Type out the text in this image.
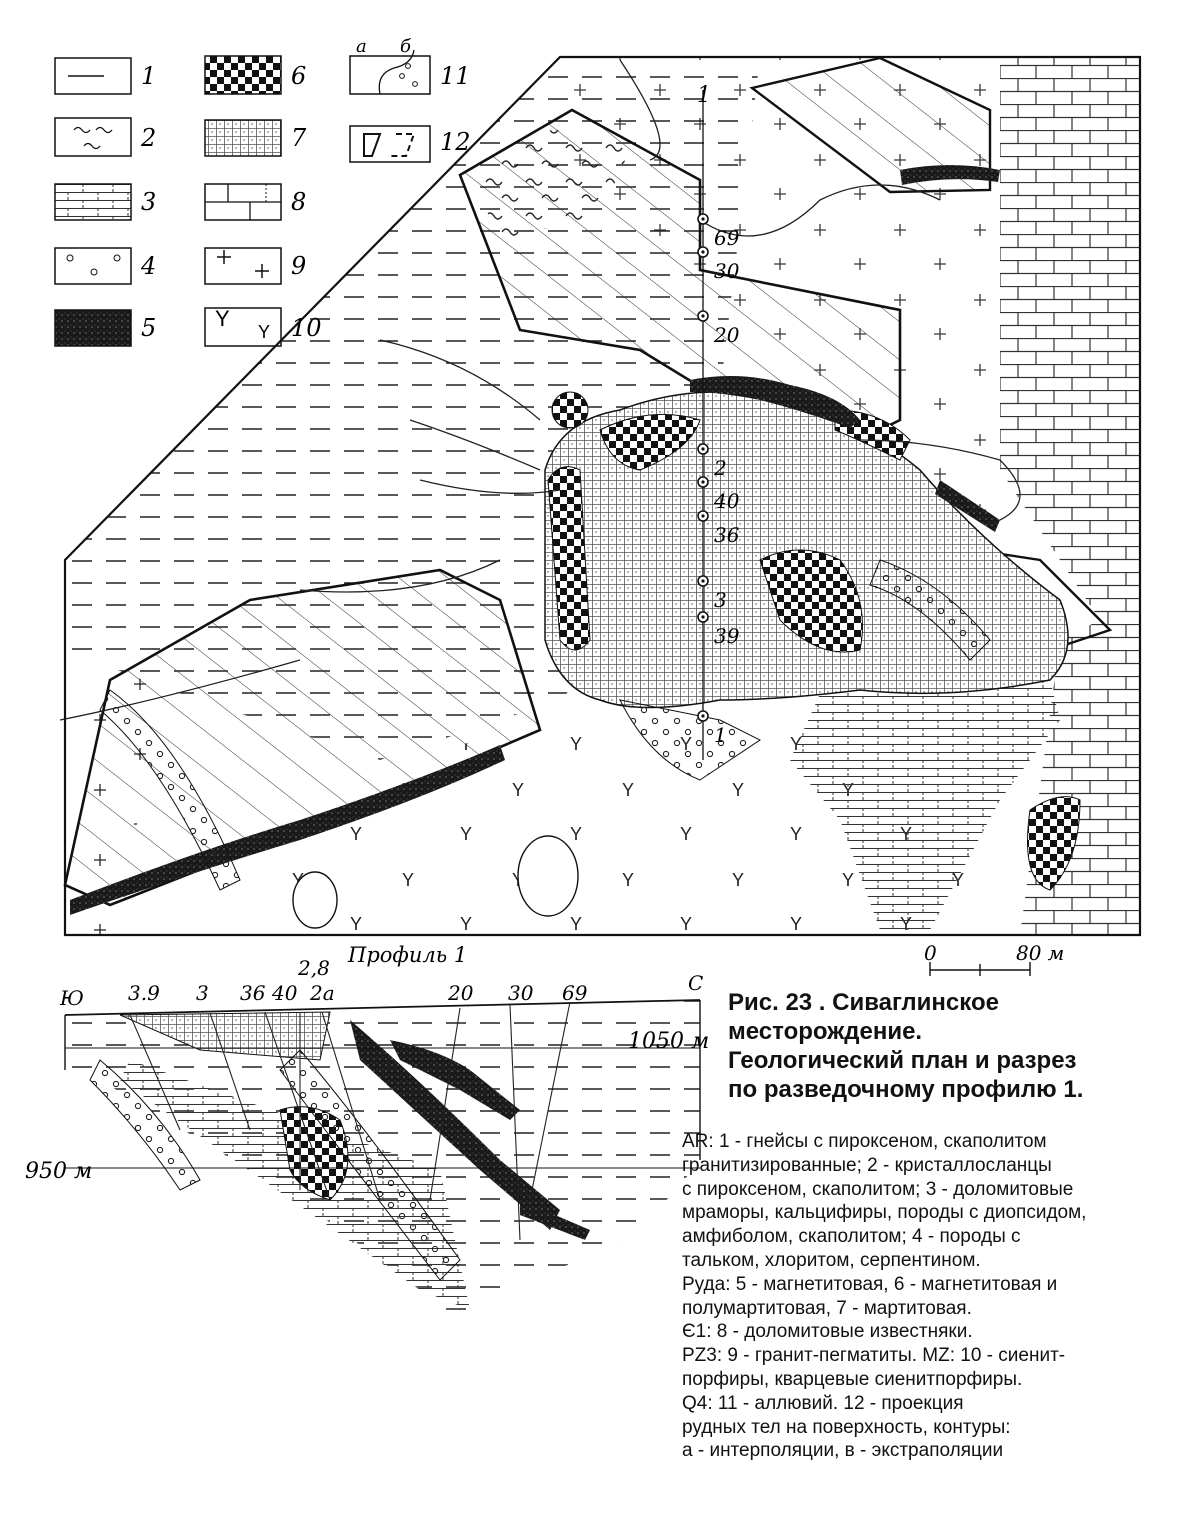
69
30
20
2
40
36
3
39
1
1
Профиль 1	0	80 м
Ю
С
2,8
3.9 3 36 40 2а	20 30 69
1050 м
950 м
1
2
3
4
5
6
7
8
9
10
11
12
а б
Y
Y
Рис. 23 . Сиваглинское
месторождение.
Геологический план и разрез
по разведочному профилю 1.
AR: 1 - гнейсы с пироксеном, скаполитом
гранитизированные; 2 - кристаллосланцы
с пироксеном, скаполитом; 3 - доломитовые
мраморы, кальцифиры, породы с диопсидом,
амфиболом, скаполитом; 4 - породы с
тальком, хлоритом, серпентином.
Руда: 5 - магнетитовая, 6 - магнетитовая и
полумартитовая, 7 - мартитовая.
Є1: 8 - доломитовые известняки.
PZ3: 9 - гранит-пегматиты. MZ: 10 - сиенит-
порфиры, кварцевые сиенитпорфиры.
Q4: 11 - аллювий. 12 - проекция
рудных тел на поверхность, контуры:
а - интерполяции, в - экстраполяции
